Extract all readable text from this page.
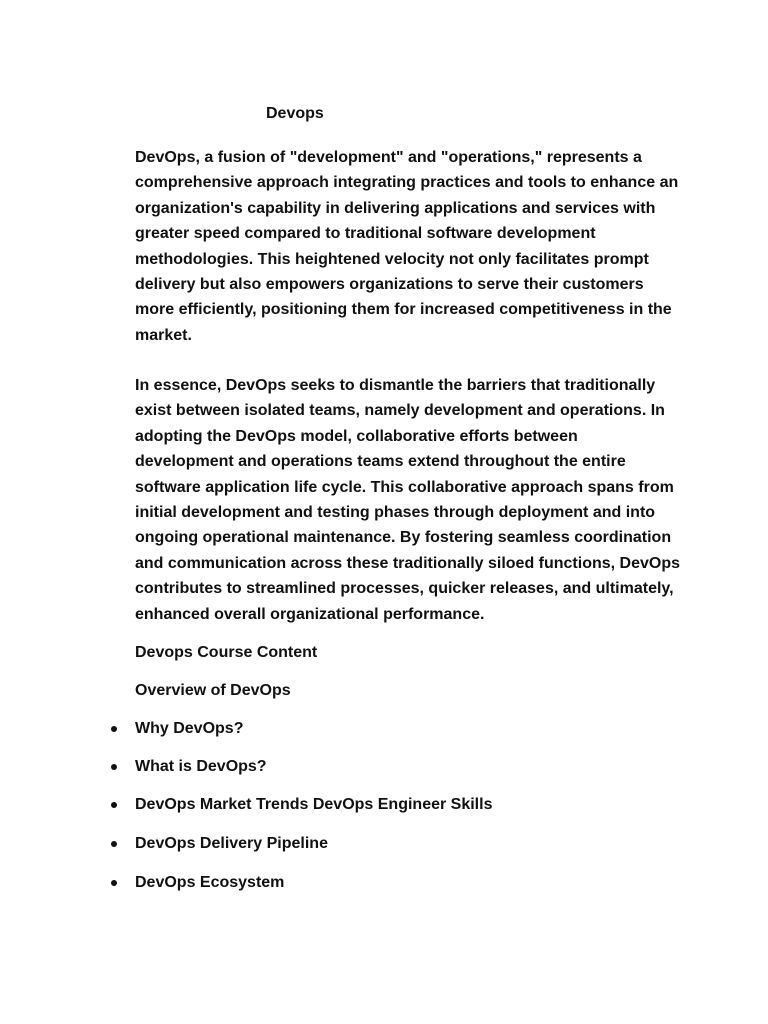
Devops

DevOps, a fusion of "development" and "operations," represents a comprehensive approach integrating practices and tools to enhance an organization's capability in delivering applications and services with greater speed compared to traditional software development methodologies. This heightened velocity not only facilitates prompt delivery but also empowers organizations to serve their customers more efficiently, positioning them for increased competitiveness in the market.

In essence, DevOps seeks to dismantle the barriers that traditionally exist between isolated teams, namely development and operations. In adopting the DevOps model, collaborative efforts between development and operations teams extend throughout the entire software application life cycle. This collaborative approach spans from initial development and testing phases through deployment and into ongoing operational maintenance. By fostering seamless coordination and communication across these traditionally siloed functions, DevOps contributes to streamlined processes, quicker releases, and ultimately, enhanced overall organizational performance.

Devops Course Content

Overview of DevOps

Why DevOps?
What is DevOps?
DevOps Market Trends DevOps Engineer Skills
DevOps Delivery Pipeline
DevOps Ecosystem
